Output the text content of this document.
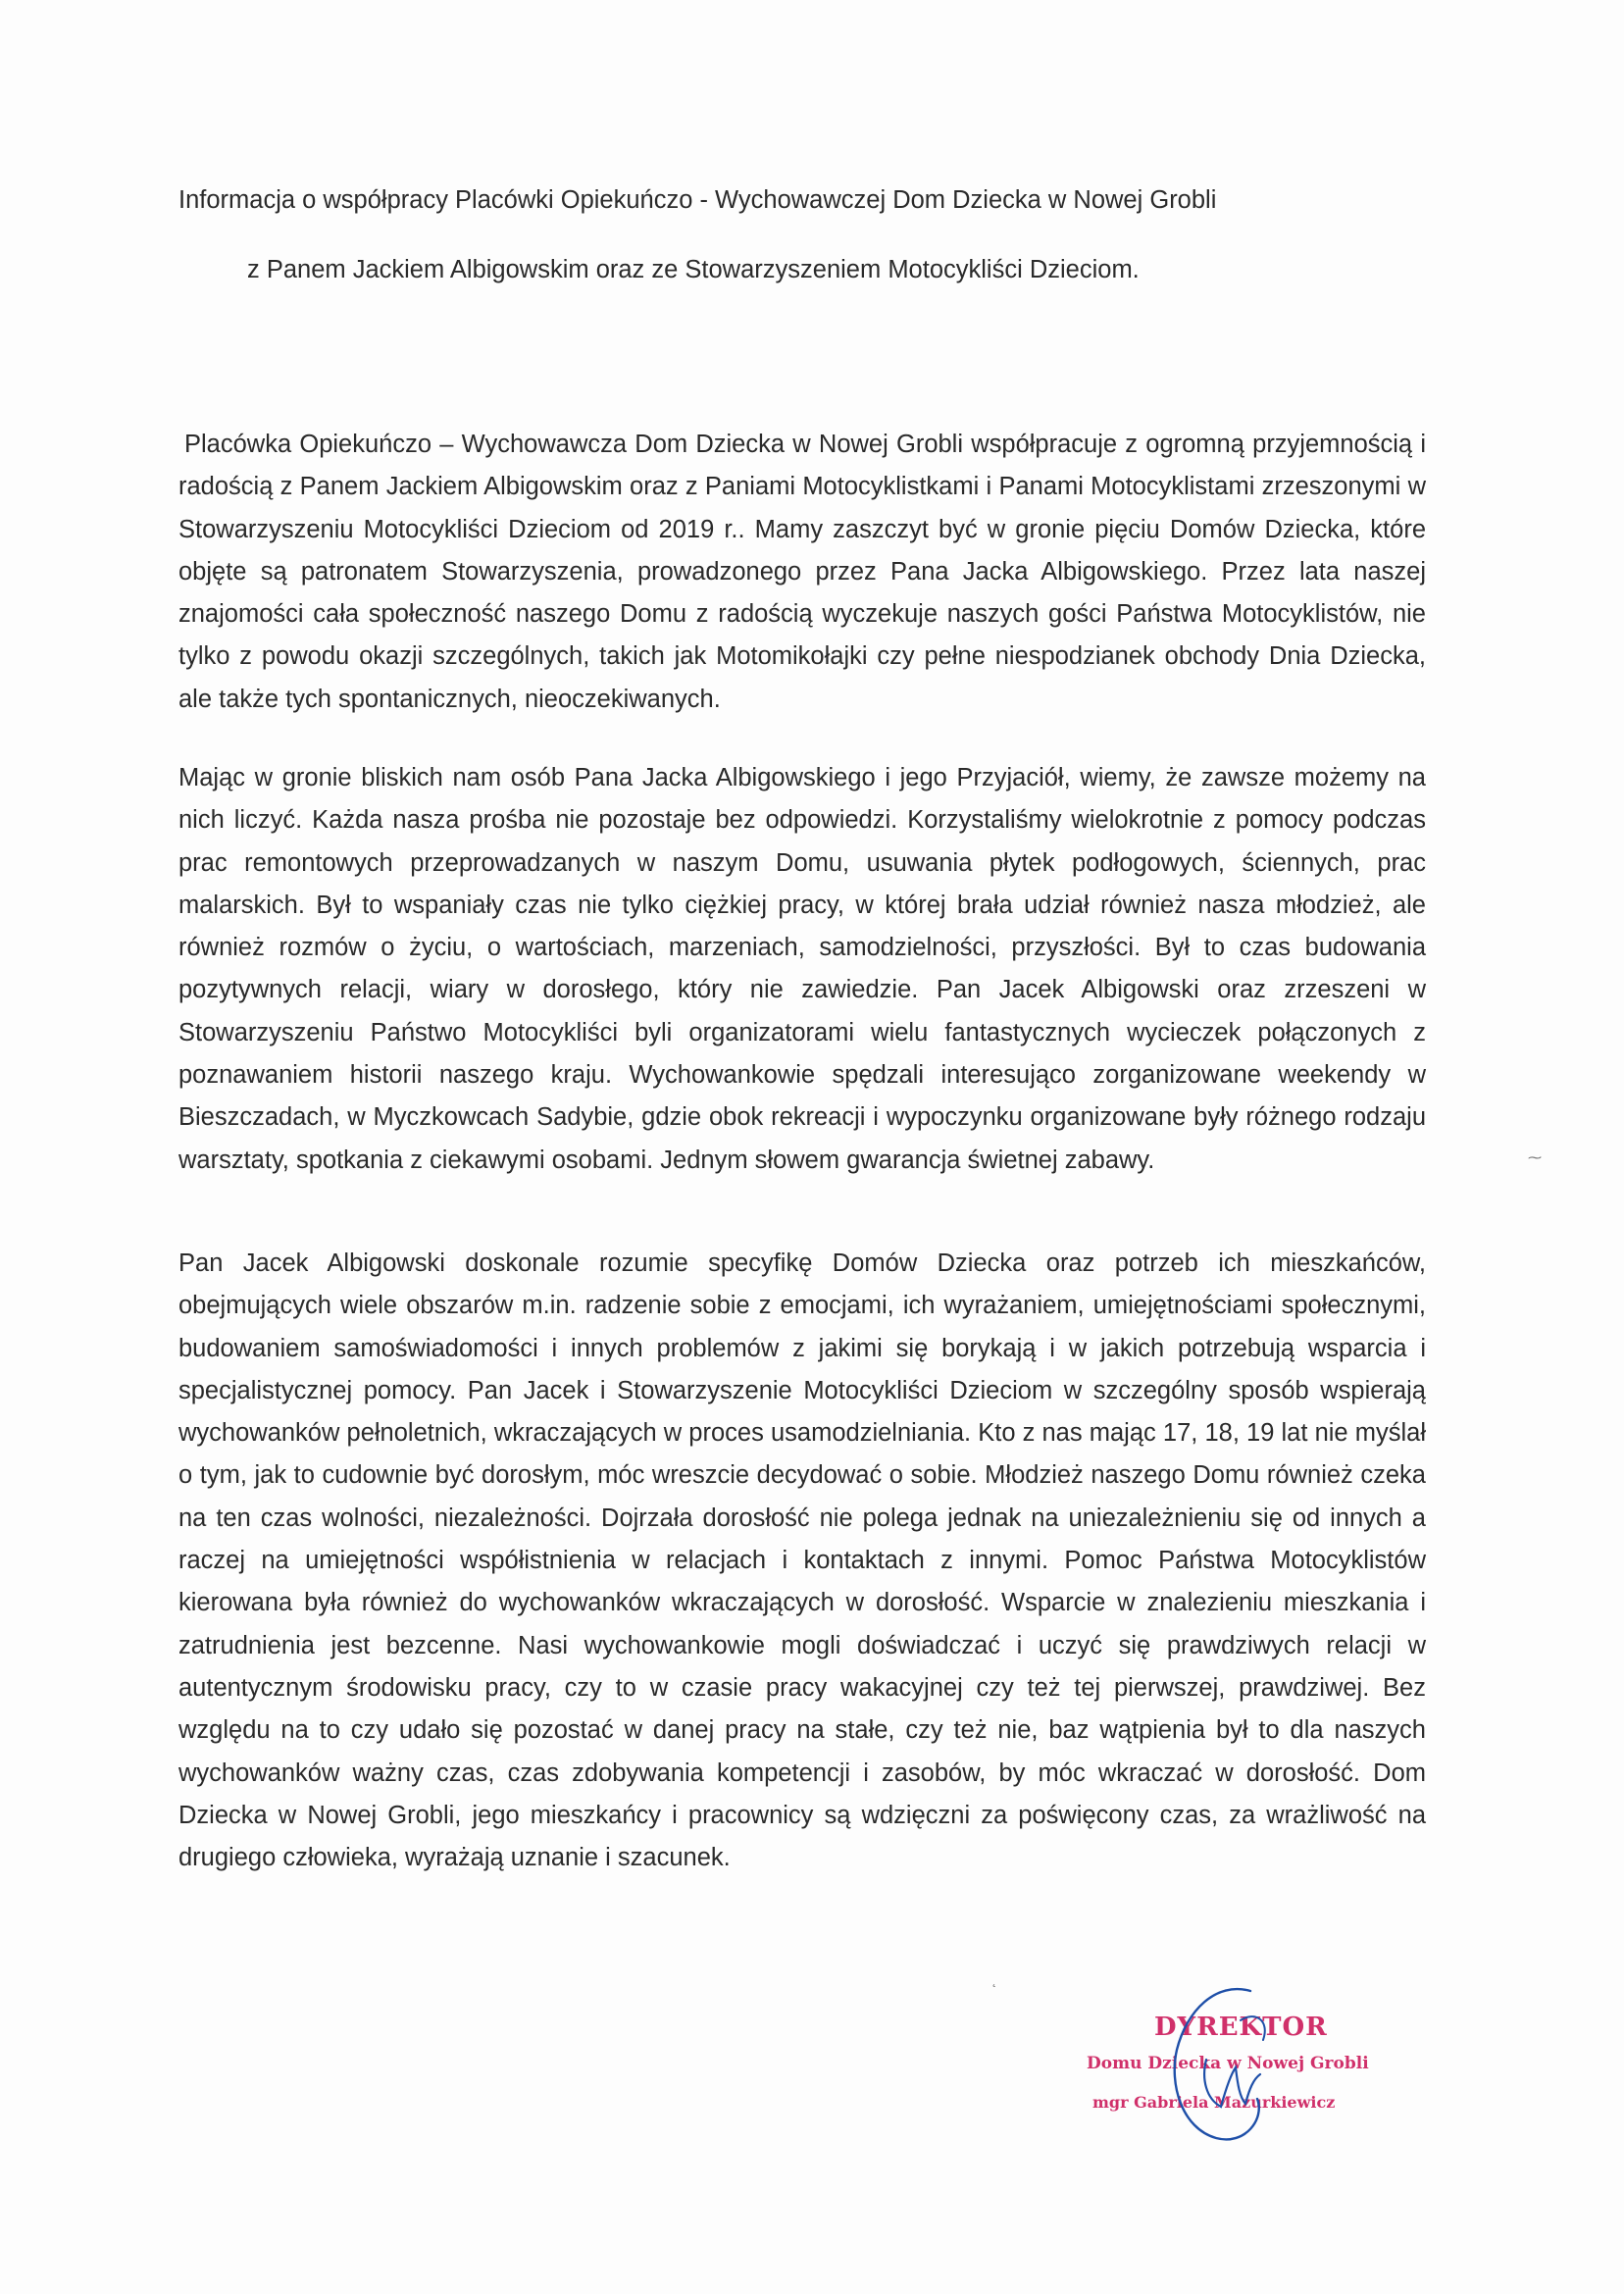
Informacja o współpracy Placówki Opiekuńczo - Wychowawczej Dom Dziecka w Nowej Grobli
z Panem Jackiem Albigowskim oraz ze Stowarzyszeniem Motocykliści Dzieciom.

Placówka Opiekuńczo – Wychowawcza Dom Dziecka w Nowej Grobli współpracuje z ogromną przyjemnością i radością z Panem Jackiem Albigowskim oraz z Paniami Motocyklistkami i Panami Motocyklistami zrzeszonymi w Stowarzyszeniu Motocykliści Dzieciom od 2019 r.. Mamy zaszczyt być w gronie pięciu Domów Dziecka, które objęte są patronatem Stowarzyszenia, prowadzonego przez Pana Jacka Albigowskiego. Przez lata naszej znajomości cała społeczność naszego Domu z radością wyczekuje naszych gości Państwa Motocyklistów, nie tylko z powodu okazji szczególnych, takich jak Motomikołajki czy pełne niespodzianek obchody Dnia Dziecka, ale także tych spontanicznych, nieoczekiwanych.

Mając w gronie bliskich nam osób Pana Jacka Albigowskiego i jego Przyjaciół, wiemy, że zawsze możemy na nich liczyć. Każda nasza prośba nie pozostaje bez odpowiedzi. Korzystaliśmy wielokrotnie z pomocy podczas prac remontowych przeprowadzanych w naszym Domu, usuwania płytek podłogowych, ściennych, prac malarskich. Był to wspaniały czas nie tylko ciężkiej pracy, w której brała udział również nasza młodzież, ale również rozmów o życiu, o wartościach, marzeniach, samodzielności, przyszłości. Był to czas budowania pozytywnych relacji, wiary w dorosłego, który nie zawiedzie. Pan Jacek Albigowski oraz zrzeszeni w Stowarzyszeniu Państwo Motocykliści byli organizatorami wielu fantastycznych wycieczek połączonych z poznawaniem historii naszego kraju. Wychowankowie spędzali interesująco zorganizowane weekendy w Bieszczadach, w Myczkowcach Sadybie, gdzie obok rekreacji i wypoczynku organizowane były różnego rodzaju warsztaty, spotkania z ciekawymi osobami. Jednym słowem gwarancja świetnej zabawy.

Pan Jacek Albigowski doskonale rozumie specyfikę Domów Dziecka oraz potrzeb ich mieszkańców, obejmujących wiele obszarów m.in. radzenie sobie z emocjami, ich wyrażaniem, umiejętnościami społecznymi, budowaniem samoświadomości i innych problemów z jakimi się borykają i w jakich potrzebują wsparcia i specjalistycznej pomocy. Pan Jacek i Stowarzyszenie Motocykliści Dzieciom w szczególny sposób wspierają wychowanków pełnoletnich, wkraczających w proces usamodzielniania. Kto z nas mając 17, 18, 19 lat nie myślał o tym, jak to cudownie być dorosłym, móc wreszcie decydować o sobie. Młodzież naszego Domu również czeka na ten czas wolności, niezależności. Dojrzała dorosłość nie polega jednak na uniezależnieniu się od innych a raczej na umiejętności współistnienia w relacjach i kontaktach z innymi. Pomoc Państwa Motocyklistów kierowana była również do wychowanków wkraczających w dorosłość. Wsparcie w znalezieniu mieszkania i zatrudnienia jest bezcenne. Nasi wychowankowie mogli doświadczać i uczyć się prawdziwych relacji w autentycznym środowisku pracy, czy to w czasie pracy wakacyjnej czy też tej pierwszej, prawdziwej. Bez względu na to czy udało się pozostać w danej pracy na stałe, czy też nie, baz wątpienia był to dla naszych wychowanków ważny czas, czas zdobywania kompetencji i zasobów, by móc wkraczać w dorosłość. Dom Dziecka w Nowej Grobli, jego mieszkańcy i pracownicy są wdzięczni za poświęcony czas, za wrażliwość na drugiego człowieka, wyrażają uznanie i szacunek.

⁓
˛
DYREKTOR
Domu Dziecka w Nowej Grobli
mgr Gabriela Mazurkiewicz
